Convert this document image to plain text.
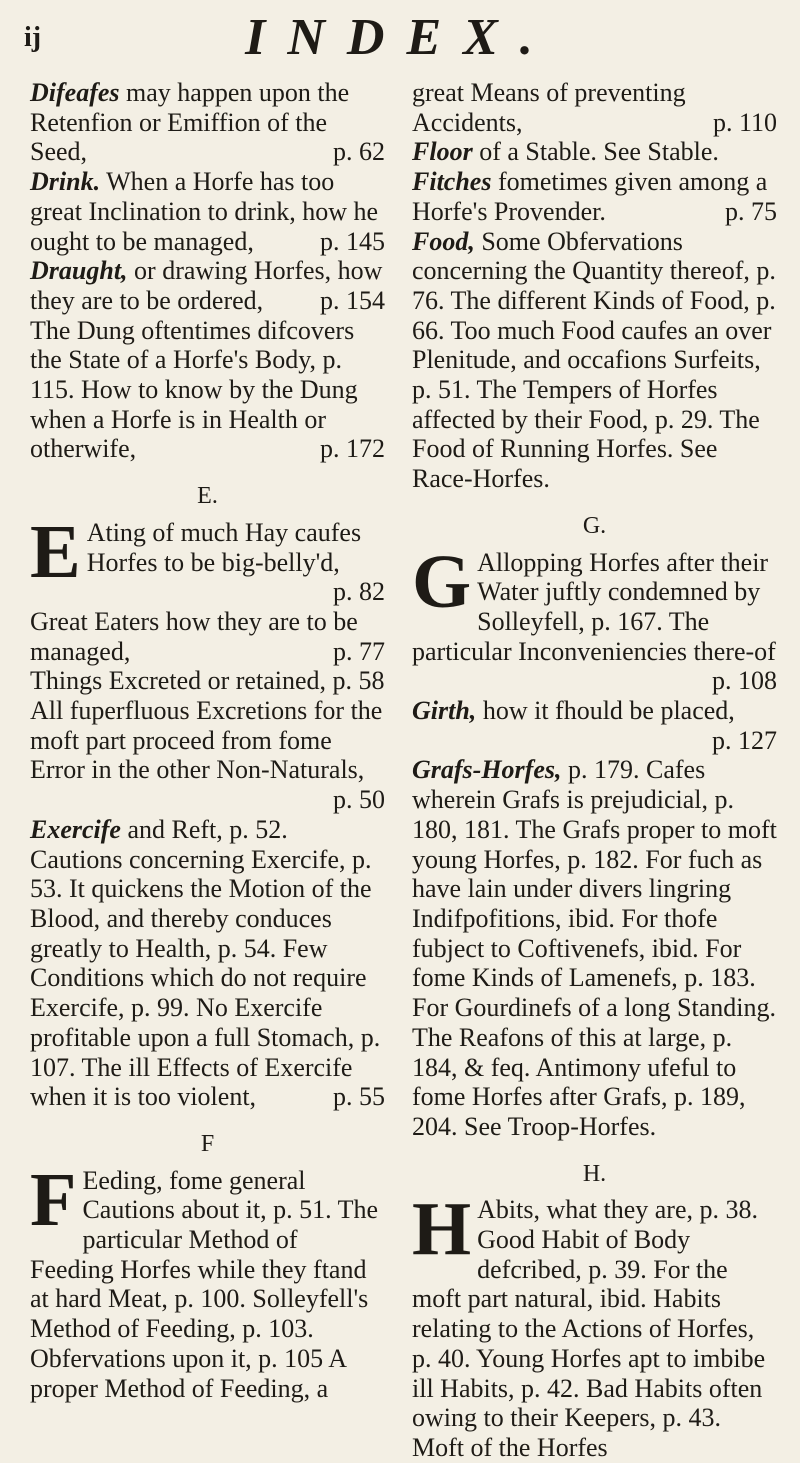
ij	INDEX.
Difeafes may happen upon the Retenfion or Emiffion of the Seed,	p. 62
Drink. When a Horfe has too great Inclination to drink, how he ought to be managed,	p. 145
Draught, or drawing Horfes, how they are to be ordered, p. 154
The Dung oftentimes difcovers the State of a Horfe's Body, p. 115. How to know by the Dung when a Horfe is in Health or otherwife,	p. 172
E.
E Ating of much Hay caufes Horfes to be big-belly'd,
p. 82
Great Eaters how they are to be managed,	p. 77
Things Excreted or retained, p. 58
All fuperfluous Excretions for the moft part proceed from fome Error in the other Non-Naturals,
p. 50
Exercife and Reft, p. 52. Cautions concerning Exercife, p. 53. It quickens the Motion of the Blood, and thereby conduces greatly to Health, p. 54. Few Conditions which do not require Exercife, p. 99. No Exercife profitable upon a full Stomach, p. 107. The ill Effects of Exercife when it is too violent,	p. 55
F
F Eeding, fome general Cautions about it, p. 51. The particular Method of Feeding Horfes while they ftand at hard Meat, p. 100. Solleyfell's Method of Feeding, p. 103. Obfervations upon it, p. 105 A proper Method of Feeding, a
great Means of preventing Accidents,	p. 110
Floor of a Stable. See Stable.
Fitches fometimes given among a Horfe's Provender.	p. 75
Food, Some Obfervations concerning the Quantity thereof, p. 76. The different Kinds of Food, p. 66. Too much Food caufes an over Plenitude, and occafions Surfeits, p. 51. The Tempers of Horfes affected by their Food, p. 29. The Food of Running Horfes. See Race-Horfes.
G.
G Allopping Horfes after their Water juftly condemned by Solleyfell, p. 167. The particular Inconveniencies there-of
p. 108
Girth, how it fhould be placed,
p. 127
Grafs-Horfes, p. 179. Cafes wherein Grafs is prejudicial, p. 180, 181. The Grafs proper to moft young Horfes, p. 182. For fuch as have lain under divers lingring Indifpofitions, ibid. For thofe fubject to Coftivenefs, ibid. For fome Kinds of Lamenefs, p. 183. For Gourdinefs of a long Standing. The Reafons of this at large, p. 184, & feq. Antimony ufeful to fome Horfes after Grafs, p. 189, 204. See Troop-Horfes.
H.
H Abits, what they are, p. 38. Good Habit of Body defcribed, p. 39. For the moft part natural, ibid. Habits relating to the Actions of Horfes, p. 40. Young Horfes apt to imbibe ill Habits, p. 42. Bad Habits often owing to their Keepers, p. 43. Moft of the Horfes
